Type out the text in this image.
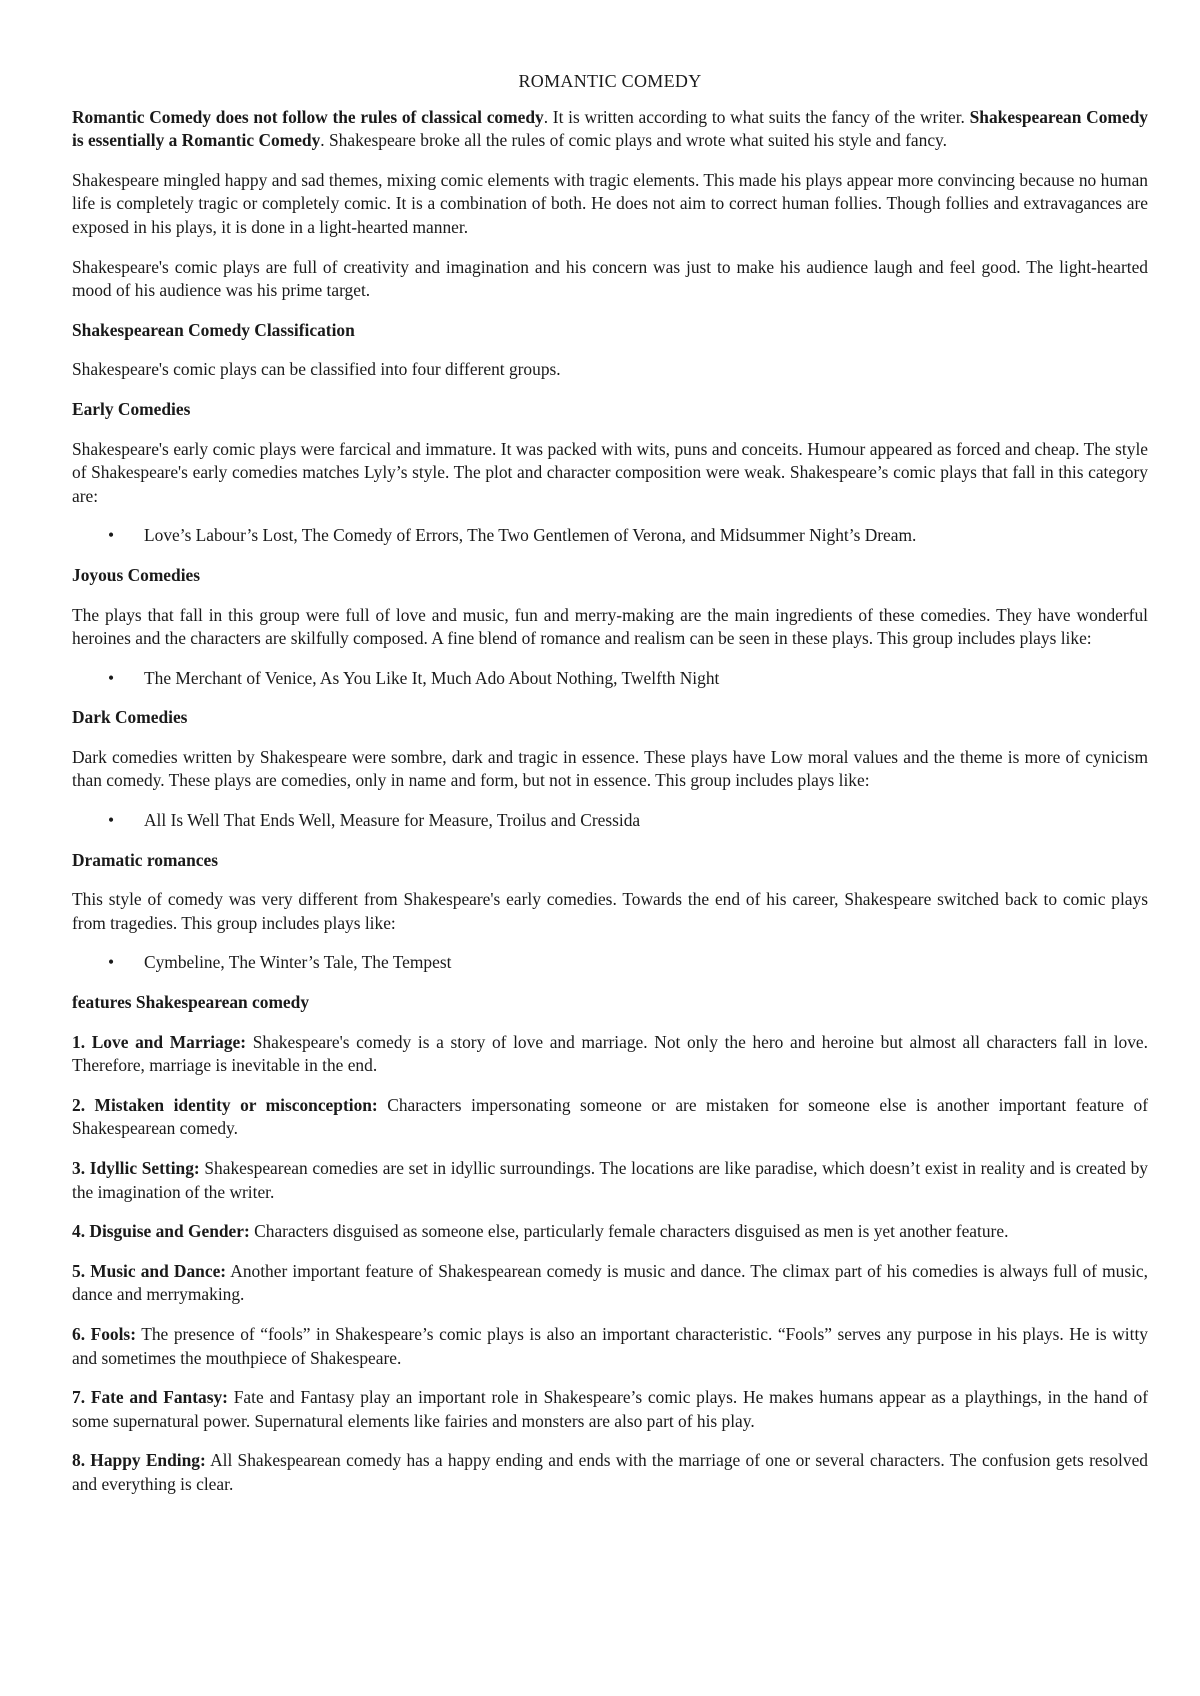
ROMANTIC COMEDY

Romantic Comedy does not follow the rules of classical comedy. It is written according to what suits the fancy of the writer. Shakespearean Comedy is essentially a Romantic Comedy. Shakespeare broke all the rules of comic plays and wrote what suited his style and fancy.

Shakespeare mingled happy and sad themes, mixing comic elements with tragic elements. This made his plays appear more convincing because no human life is completely tragic or completely comic. It is a combination of both. He does not aim to correct human follies. Though follies and extravagances are exposed in his plays, it is done in a light-hearted manner.

Shakespeare's comic plays are full of creativity and imagination and his concern was just to make his audience laugh and feel good. The light-hearted mood of his audience was his prime target.

Shakespearean Comedy Classification

Shakespeare's comic plays can be classified into four different groups.

Early Comedies

Shakespeare's early comic plays were farcical and immature. It was packed with wits, puns and conceits. Humour appeared as forced and cheap. The style of Shakespeare's early comedies matches Lyly’s style. The plot and character composition were weak. Shakespeare’s comic plays that fall in this category are:

• Love’s Labour’s Lost, The Comedy of Errors, The Two Gentlemen of Verona, and Midsummer Night’s Dream.
Joyous Comedies

The plays that fall in this group were full of love and music, fun and merry-making are the main ingredients of these comedies. They have wonderful heroines and the characters are skilfully composed. A fine blend of romance and realism can be seen in these plays. This group includes plays like:

• The Merchant of Venice, As You Like It, Much Ado About Nothing, Twelfth Night
Dark Comedies

Dark comedies written by Shakespeare were sombre, dark and tragic in essence. These plays have Low moral values and the theme is more of cynicism than comedy. These plays are comedies, only in name and form, but not in essence. This group includes plays like:

• All Is Well That Ends Well, Measure for Measure, Troilus and Cressida
Dramatic romances

This style of comedy was very different from Shakespeare's early comedies. Towards the end of his career, Shakespeare switched back to comic plays from tragedies. This group includes plays like:

• Cymbeline, The Winter’s Tale, The Tempest
features Shakespearean comedy

1. Love and Marriage: Shakespeare's comedy is a story of love and marriage. Not only the hero and heroine but almost all characters fall in love. Therefore, marriage is inevitable in the end.

2. Mistaken identity or misconception: Characters impersonating someone or are mistaken for someone else is another important feature of Shakespearean comedy.

3. Idyllic Setting: Shakespearean comedies are set in idyllic surroundings. The locations are like paradise, which doesn’t exist in reality and is created by the imagination of the writer.

4. Disguise and Gender: Characters disguised as someone else, particularly female characters disguised as men is yet another feature.

5. Music and Dance: Another important feature of Shakespearean comedy is music and dance. The climax part of his comedies is always full of music, dance and merrymaking.

6. Fools: The presence of “fools” in Shakespeare’s comic plays is also an important characteristic. “Fools” serves any purpose in his plays. He is witty and sometimes the mouthpiece of Shakespeare.

7. Fate and Fantasy: Fate and Fantasy play an important role in Shakespeare’s comic plays. He makes humans appear as a playthings, in the hand of some supernatural power. Supernatural elements like fairies and monsters are also part of his play.

8. Happy Ending: All Shakespearean comedy has a happy ending and ends with the marriage of one or several characters. The confusion gets resolved and everything is clear.
